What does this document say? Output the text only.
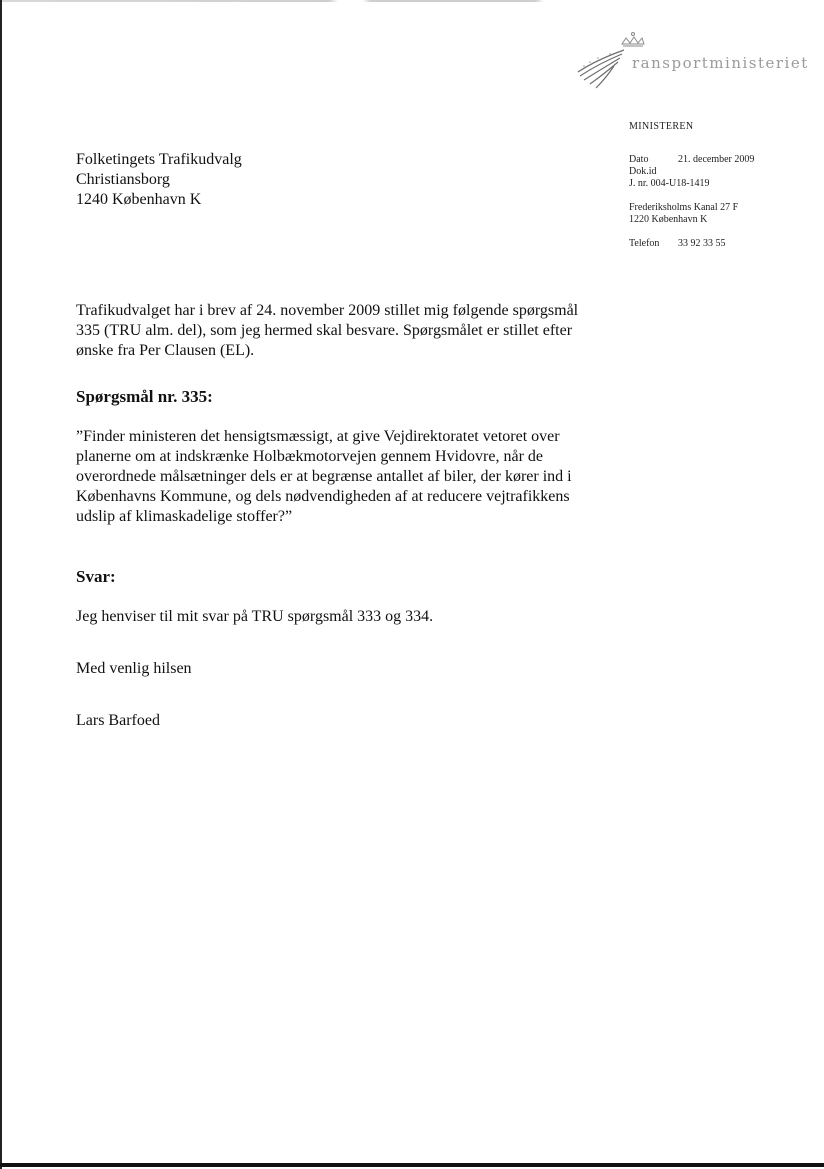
ransportministeriet
MINISTEREN
Dato	21. december 2009
Dok.id
J. nr. 004-U18-1419
Frederiksholms Kanal 27 F
1220 København K
Telefon	33 92 33 55
Folketingets Trafikudvalg
Christiansborg
1240 København K

Trafikudvalget har i brev af 24. november 2009 stillet mig følgende spørgsmål 335 (TRU alm. del), som jeg hermed skal besvare. Spørgsmålet er stillet efter ønske fra Per Clausen (EL).

Spørgsmål nr. 335:

”Finder ministeren det hensigtsmæssigt, at give Vejdirektoratet vetoret over planerne om at indskrænke Holbækmotorvejen gennem Hvidovre, når de overordnede målsætninger dels er at begrænse antallet af biler, der kører ind i Københavns Kommune, og dels nødvendigheden af at reducere vejtrafikkens udslip af klimaskadelige stoffer?”

Svar:

Jeg henviser til mit svar på TRU spørgsmål 333 og 334.

Med venlig hilsen

Lars Barfoed
